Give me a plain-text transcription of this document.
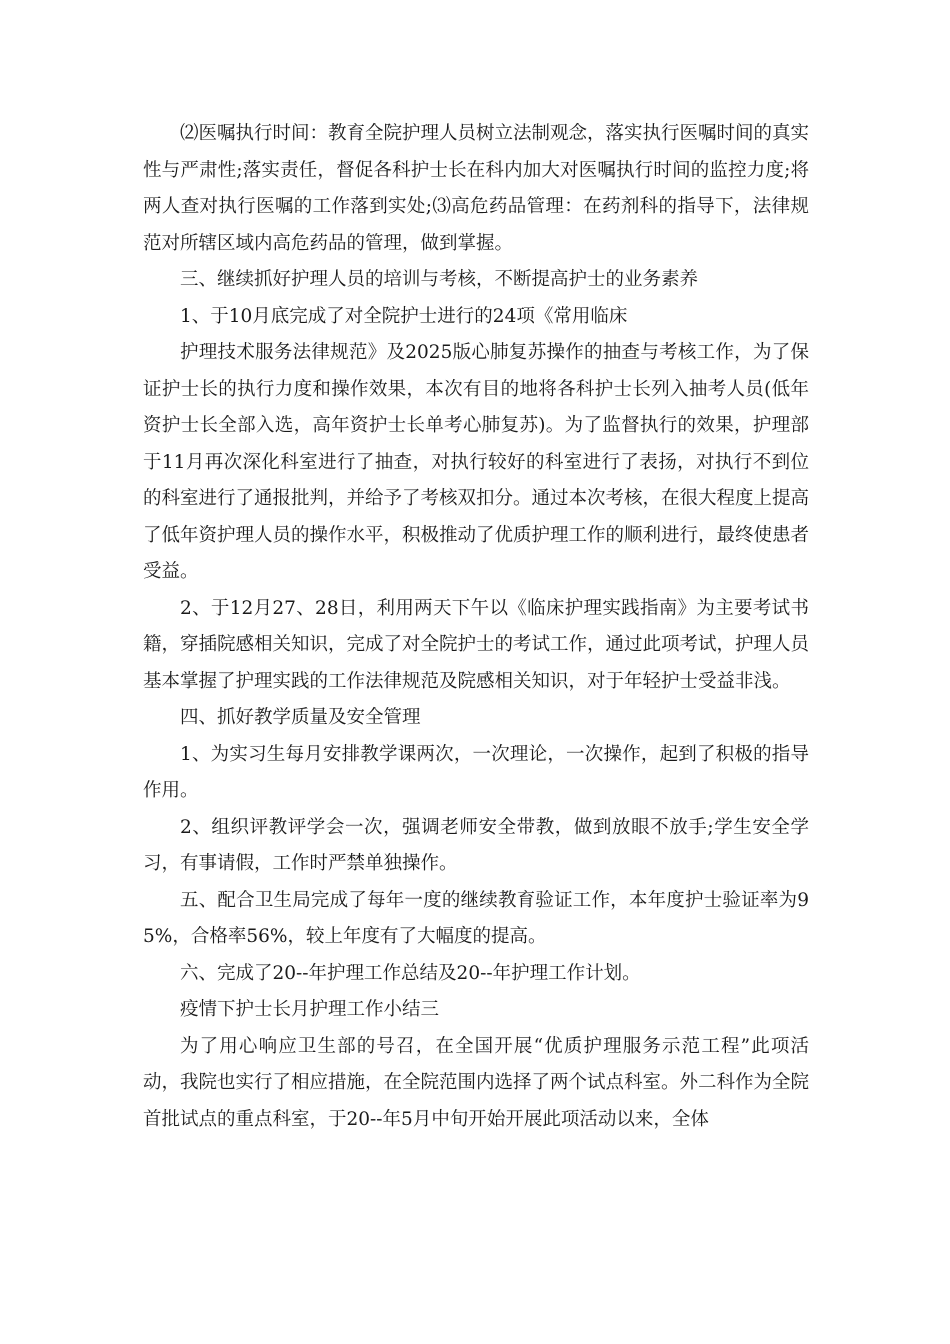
⑵医嘱执行时间：教育全院护理人员树立法制观念，落实执行医嘱时间的真实性与严肃性;落实责任，督促各科护士长在科内加大对医嘱执行时间的监控力度;将两人查对执行医嘱的工作落到实处;⑶高危药品管理：在药剂科的指导下，法律规范对所辖区域内高危药品的管理，做到掌握。

三、继续抓好护理人员的培训与考核，不断提高护士的业务素养

1、于10月底完成了对全院护士进行的24项《常用临床

护理技术服务法律规范》及2025版心肺复苏操作的抽查与考核工作，为了保证护士长的执行力度和操作效果，本次有目的地将各科护士长列入抽考人员(低年资护士长全部入选，高年资护士长单考心肺复苏)。为了监督执行的效果，护理部于11月再次深化科室进行了抽查，对执行较好的科室进行了表扬，对执行不到位的科室进行了通报批判，并给予了考核双扣分。通过本次考核，在很大程度上提高了低年资护理人员的操作水平，积极推动了优质护理工作的顺利进行，最终使患者受益。

2、于12月27、28日，利用两天下午以《临床护理实践指南》为主要考试书籍，穿插院感相关知识，完成了对全院护士的考试工作，通过此项考试，护理人员基本掌握了护理实践的工作法律规范及院感相关知识，对于年轻护士受益非浅。

四、抓好教学质量及安全管理

1、为实习生每月安排教学课两次，一次理论，一次操作，起到了积极的指导作用。

2、组织评教评学会一次，强调老师安全带教，做到放眼不放手;学生安全学习，有事请假，工作时严禁单独操作。

五、配合卫生局完成了每年一度的继续教育验证工作，本年度护士验证率为95%，合格率56%，较上年度有了大幅度的提高。

六、完成了20--年护理工作总结及20--年护理工作计划。

疫情下护士长月护理工作小结三

为了用心响应卫生部的号召，在全国开展“优质护理服务示范工程”此项活动，我院也实行了相应措施，在全院范围内选择了两个试点科室。外二科作为全院首批试点的重点科室，于20--年5月中旬开始开展此项活动以来，全体
